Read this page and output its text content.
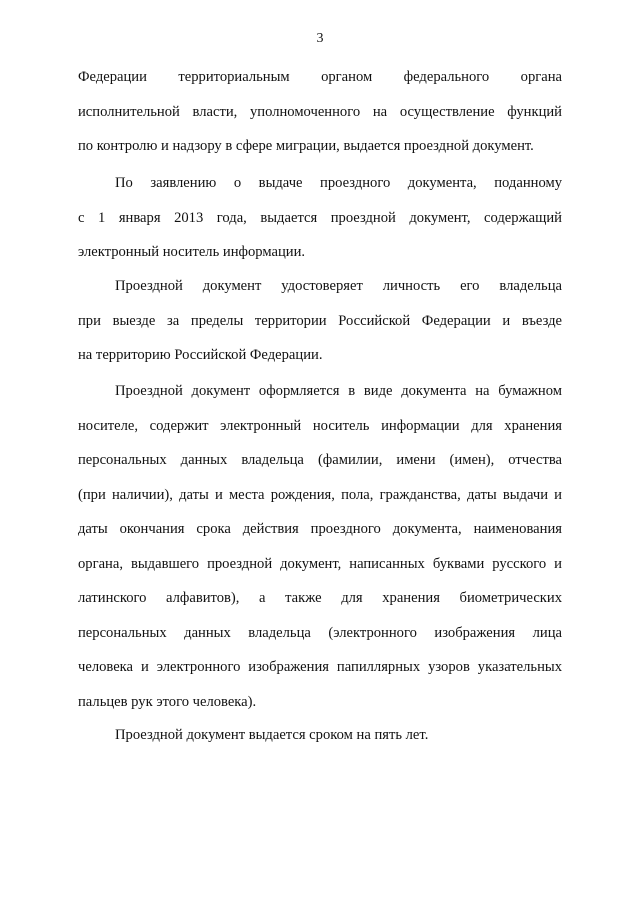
3
Федерации территориальным органом федерального органа
исполнительной власти, уполномоченного на осуществление функций
по контролю и надзору в сфере миграции, выдается проездной документ.
По заявлению о выдаче проездного документа, поданному
с 1 января 2013 года, выдается проездной документ, содержащий
электронный носитель информации.
Проездной документ удостоверяет личность его владельца
при выезде за пределы территории Российской Федерации и въезде
на территорию Российской Федерации.
Проездной документ оформляется в виде документа на бумажном
носителе, содержит электронный носитель информации для хранения
персональных данных владельца (фамилии, имени (имен), отчества
(при наличии), даты и места рождения, пола, гражданства, даты выдачи и
даты окончания срока действия проездного документа, наименования
органа, выдавшего проездной документ, написанных буквами русского и
латинского алфавитов), а также для хранения биометрических
персональных данных владельца (электронного изображения лица
человека и электронного изображения папиллярных узоров указательных
пальцев рук этого человека).
Проездной документ выдается сроком на пять лет.
